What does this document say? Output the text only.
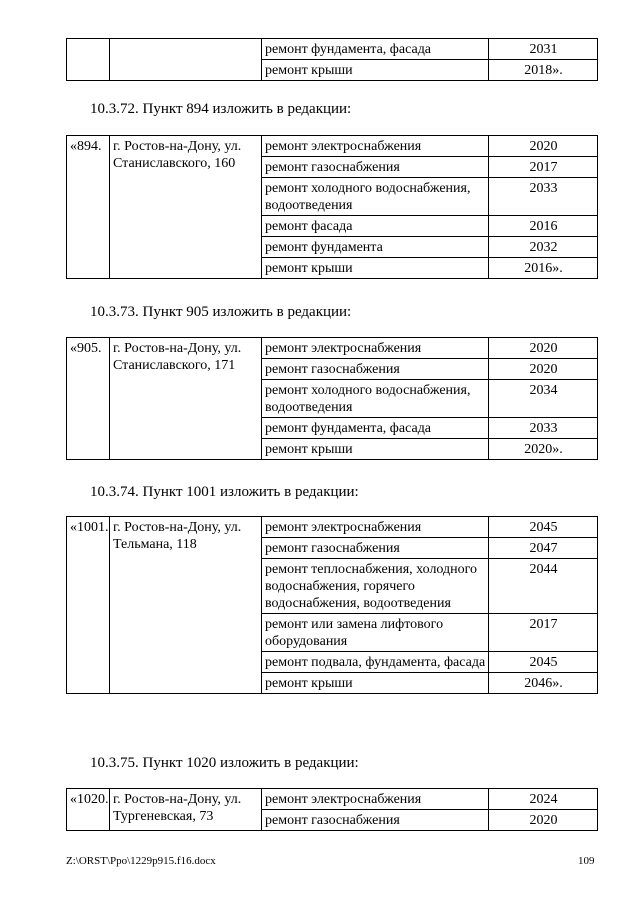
		ремонт фундамента, фасада	2031
		ремонт крыши	2018».
10.3.72. Пункт 894 изложить в редакции:
«894.	г. Ростов-на-Дону, ул. Станиславского, 160	ремонт электроснабжения	2020
		ремонт газоснабжения	2017
		ремонт холодного водоснабжения, водоотведения	2033
		ремонт фасада	2016
		ремонт фундамента	2032
		ремонт крыши	2016».
10.3.73. Пункт 905 изложить в редакции:
«905.	г. Ростов-на-Дону, ул. Станиславского, 171	ремонт электроснабжения	2020
		ремонт газоснабжения	2020
		ремонт холодного водоснабжения, водоотведения	2034
		ремонт фундамента, фасада	2033
		ремонт крыши	2020».
10.3.74. Пункт 1001 изложить в редакции:
«1001.	г. Ростов-на-Дону, ул. Тельмана, 118	ремонт электроснабжения	2045
		ремонт газоснабжения	2047
		ремонт теплоснабжения, холодного водоснабжения, горячего водоснабжения, водоотведения	2044
		ремонт или замена лифтового оборудования	2017
		ремонт подвала, фундамента, фасада	2045
		ремонт крыши	2046».
10.3.75. Пункт 1020 изложить в редакции:
«1020.	г. Ростов-на-Дону, ул. Тургеневская, 73	ремонт электроснабжения	2024
		ремонт газоснабжения	2020
Z:\ORST\Ppo\1229p915.f16.docx	109
